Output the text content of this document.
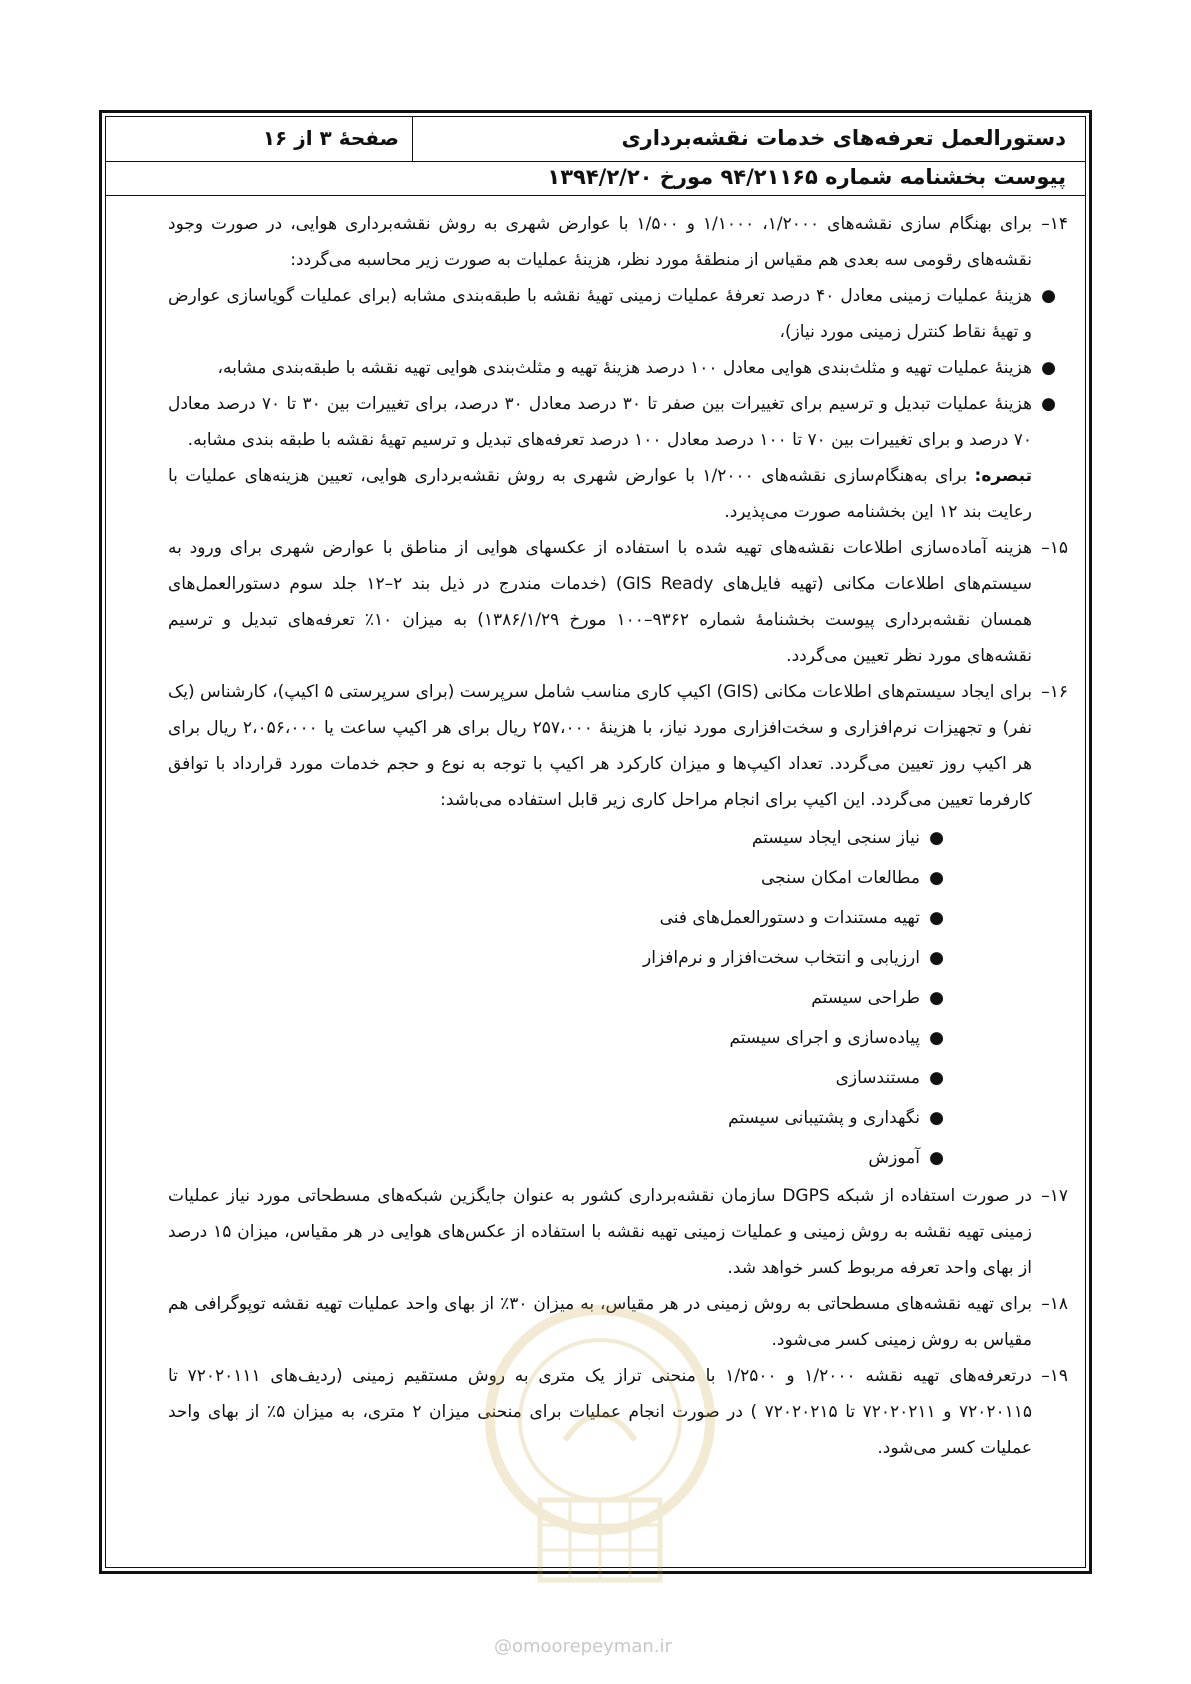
دستورالعمل تعرفه‌های خدمات نقشه‌برداری
صفحهٔ ۳ از ۱۶
پیوست بخشنامه شماره ۹۴/۲۱۱۶۵ مورخ ۱۳۹۴/۲/۲۰
۱۴–
برای بهنگام سازی نقشه‌های ۱/۲۰۰۰، ۱/۱۰۰۰ و ۱/۵۰۰ با عوارض شهری به روش نقشه‌برداری هوایی، در صورت وجود نقشه‌های رقومی سه بعدی هم مقیاس از منطقهٔ مورد نظر، هزینهٔ عملیات به صورت زیر محاسبه می‌گردد:
●
هزینهٔ عملیات زمینی معادل ۴۰ درصد تعرفهٔ عملیات زمینی تهیهٔ نقشه با طبقه‌بندی مشابه (برای عملیات گویاسازی عوارض و تهیهٔ نقاط کنترل زمینی مورد نیاز)،
●
هزینهٔ عملیات تهیه و مثلث‌بندی هوایی معادل ۱۰۰ درصد هزینهٔ تهیه و مثلث‌بندی هوایی تهیه نقشه با طبقه‌بندی مشابه،
●
هزینهٔ عملیات تبدیل و ترسیم برای تغییرات بین صفر تا ۳۰ درصد معادل ۳۰ درصد، برای تغییرات بین ۳۰ تا ۷۰ درصد معادل ۷۰ درصد و برای تغییرات بین ۷۰ تا ۱۰۰ درصد معادل ۱۰۰ درصد تعرفه‌های تبدیل و ترسیم تهیهٔ نقشه با طبقه بندی مشابه.
تبصره: برای به‌هنگام‌سازی نقشه‌های ۱/۲۰۰۰ با عوارض شهری به روش نقشه‌برداری هوایی، تعیین هزینه‌های عملیات با رعایت بند ۱۲ این بخشنامه صورت می‌پذیرد.
۱۵–
هزینه آماده‌سازی اطلاعات نقشه‌های تهیه شده با استفاده از عکسهای هوایی از مناطق با عوارض شهری برای ورود به سیستم‌های اطلاعات مکانی (تهیه فایل‌های GIS Ready) (خدمات مندرج در ذیل بند ۲–۱۲ جلد سوم دستورالعمل‌های همسان نقشه‌برداری پیوست بخشنامهٔ شماره ۹۳۶۲–۱۰۰ مورخ ۱۳۸۶/۱/۲۹) به میزان ۱۰٪ تعرفه‌های تبدیل و ترسیم نقشه‌های مورد نظر تعیین می‌گردد.
۱۶–
برای ایجاد سیستم‌های اطلاعات مکانی (GIS) اکیپ کاری مناسب شامل سرپرست (برای سرپرستی ۵ اکیپ)، کارشناس (یک نفر) و تجهیزات نرم‌افزاری و سخت‌افزاری مورد نیاز، با هزینهٔ ۲۵۷،۰۰۰ ریال برای هر اکیپ ساعت یا ۲،۰۵۶،۰۰۰ ریال برای هر اکیپ روز تعیین می‌گردد. تعداد اکیپ‌ها و میزان کارکرد هر اکیپ با توجه به نوع و حجم خدمات مورد قرارداد با توافق کارفرما تعیین می‌گردد. این اکیپ برای انجام مراحل کاری زیر قابل استفاده می‌باشد:
●
نیاز سنجی ایجاد سیستم
●
مطالعات امکان سنجی
●
تهیه مستندات و دستورالعمل‌های فنی
●
ارزیابی و انتخاب سخت‌افزار و نرم‌افزار
●
طراحی سیستم
●
پیاده‌سازی و اجرای سیستم
●
مستندسازی
●
نگهداری و پشتیبانی سیستم
●
آموزش
۱۷–
در صورت استفاده از شبکه DGPS سازمان نقشه‌برداری کشور به عنوان جایگزین شبکه‌های مسطحاتی مورد نیاز عملیات زمینی تهیه نقشه به روش زمینی و عملیات زمینی تهیه نقشه با استفاده از عکس‌های هوایی در هر مقیاس، میزان ۱۵ درصد از بهای واحد تعرفه مربوط کسر خواهد شد.
۱۸–
برای تهیه نقشه‌های مسطحاتی به روش زمینی در هر مقیاس، به میزان ۳۰٪ از بهای واحد عملیات تهیه نقشه توپوگرافی هم مقیاس به روش زمینی کسر می‌شود.
۱۹–
درتعرفه‌های تهیه نقشه ۱/۲۰۰۰ و ۱/۲۵۰۰ با منحنی تراز یک متری به روش مستقیم زمینی (ردیف‌های ۷۲۰۲۰۱۱۱ تا ۷۲۰۲۰۱۱۵ و ۷۲۰۲۰۲۱۱ تا ۷۲۰۲۰۲۱۵ ) در صورت انجام عملیات برای منحنی میزان ۲ متری، به میزان ۵٪ از بهای واحد عملیات کسر می‌شود.
@omoorepeyman.ir
